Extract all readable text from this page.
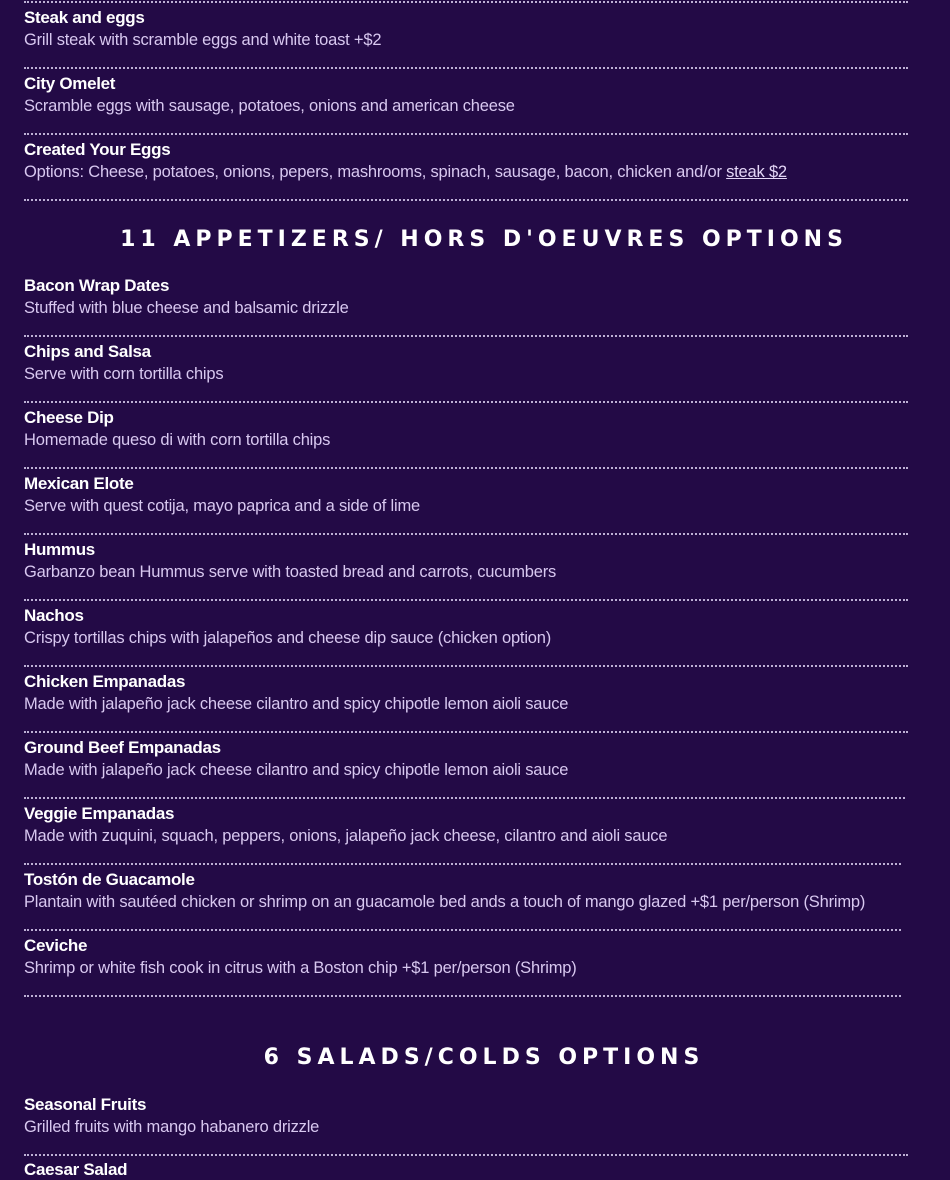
Steak and eggs
Grill steak with scramble eggs and white toast +$2
City Omelet
Scramble eggs with sausage, potatoes, onions and american cheese
Created Your Eggs
Options: Cheese, potatoes, onions, pepers, mashrooms, spinach, sausage, bacon, chicken and/or steak $2
11 APPETIZERS/ HORS D'OEUVRES OPTIONS
Bacon Wrap Dates
Stuffed with blue cheese and balsamic drizzle
Chips and Salsa
Serve with corn tortilla chips
Cheese Dip
Homemade queso di with corn tortilla chips
Mexican Elote
Serve with quest cotija, mayo paprica and a side of lime
Hummus
Garbanzo bean Hummus serve with toasted bread and carrots, cucumbers
Nachos
Crispy tortillas chips with jalapeños and cheese dip sauce (chicken option)
Chicken Empanadas
Made with jalapeño jack cheese cilantro and spicy chipotle lemon aioli sauce
Ground Beef Empanadas
Made with jalapeño jack cheese cilantro and spicy chipotle lemon aioli sauce
Veggie Empanadas
Made with zuquini, squach, peppers, onions, jalapeño jack cheese, cilantro and aioli sauce
Tostón de Guacamole
Plantain with sautéed chicken or shrimp on an guacamole bed ands a touch of mango glazed +$1 per/person (Shrimp)
Ceviche
Shrimp or white fish cook in citrus with a Boston chip +$1 per/person (Shrimp)
6 SALADS/COLDS OPTIONS
Seasonal Fruits
Grilled fruits with mango habanero drizzle
Caesar Salad
